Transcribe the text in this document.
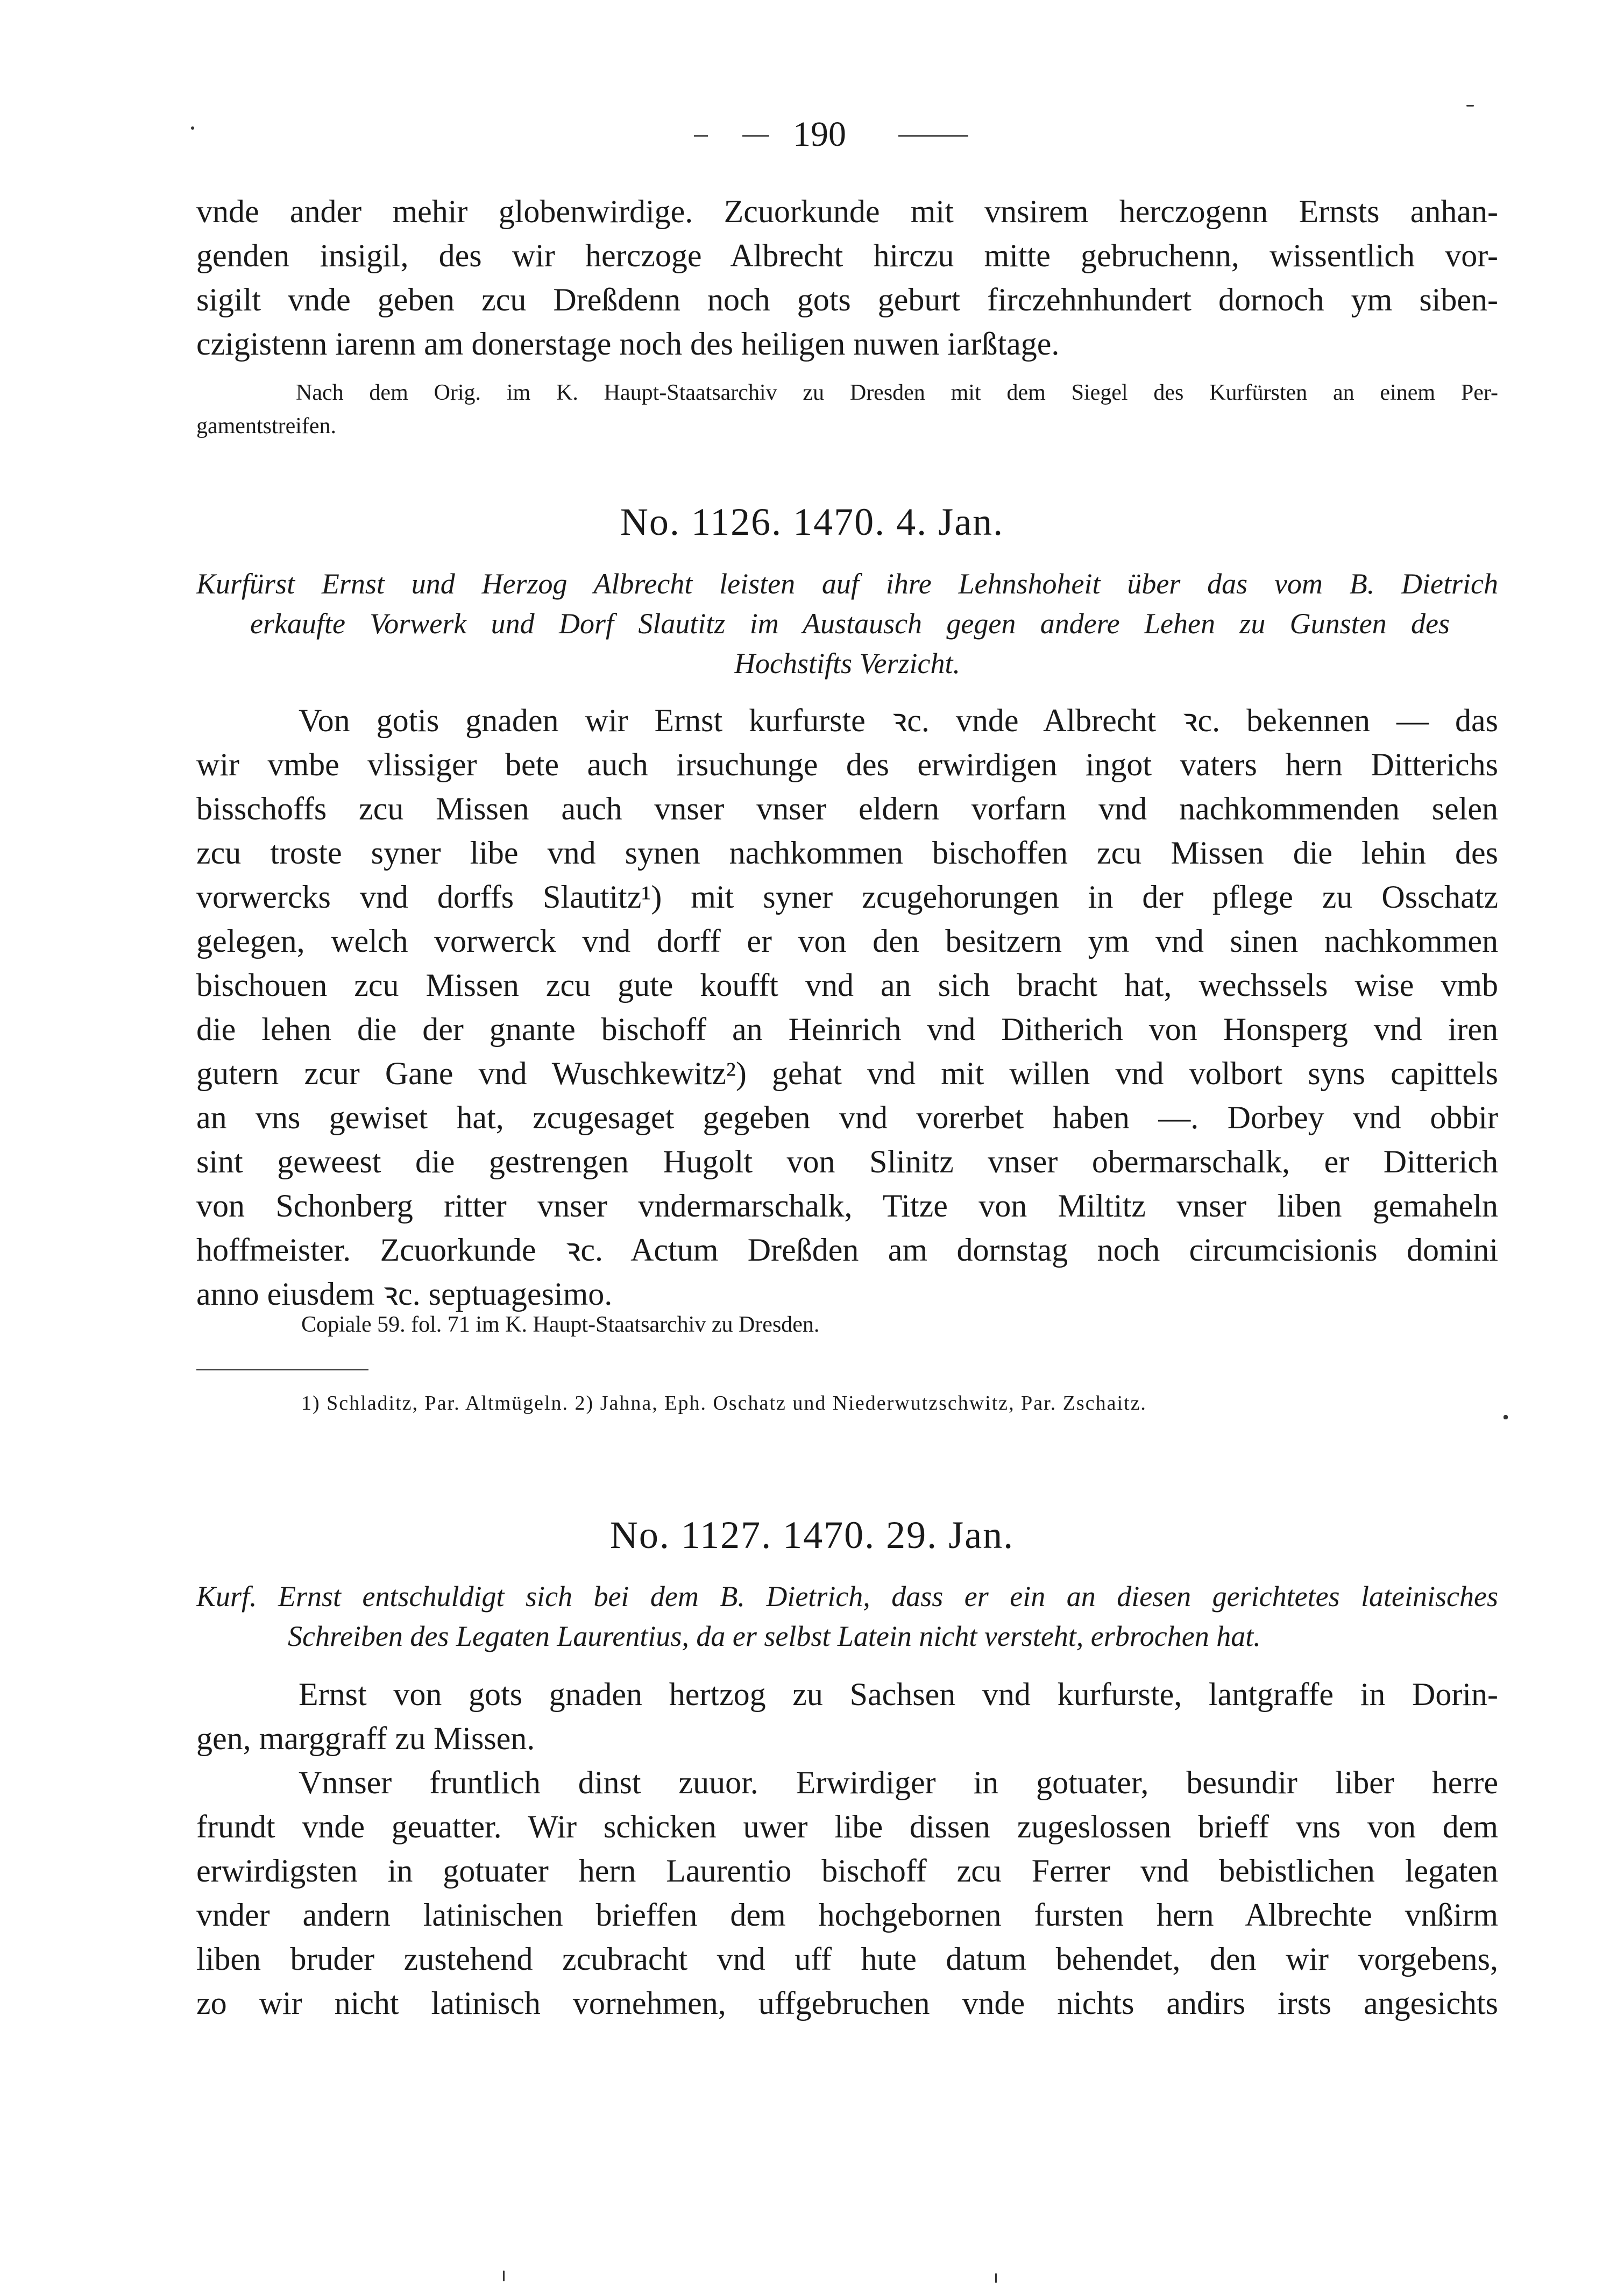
190

vnde ander mehir globenwirdige. Zcuorkunde mit vnsirem herczogenn Ernsts anhan-
genden insigil, des wir herczoge Albrecht hirczu mitte gebruchenn, wissentlich vor-
sigilt vnde geben zcu Dreßdenn noch gots geburt firczehnhundert dornoch ym siben-
czigistenn iarenn am donerstage noch des heiligen nuwen iarßtage.

Nach dem Orig. im K. Haupt-Staatsarchiv zu Dresden mit dem Siegel des Kurfürsten an einem Per-

gamentstreifen.

No. 1126. 1470. 4. Jan.

Kurfürst Ernst und Herzog Albrecht leisten auf ihre Lehnshoheit über das vom B. Dietrich
erkaufte Vorwerk und Dorf Slautitz im Austausch gegen andere Lehen zu Gunsten des
Hochstifts Verzicht.

Von gotis gnaden wir Ernst kurfurste ꝛc. vnde Albrecht ꝛc. bekennen — das
wir vmbe vlissiger bete auch irsuchunge des erwirdigen ingot vaters hern Ditterichs
bisschoffs zcu Missen auch vnser vnser eldern vorfarn vnd nachkommenden selen
zcu troste syner libe vnd synen nachkommen bischoffen zcu Missen die lehin des
vorwercks vnd dorffs Slautitz¹) mit syner zcugehorungen in der pflege zu Osschatz
gelegen, welch vorwerck vnd dorff er von den besitzern ym vnd sinen nachkommen
bischouen zcu Missen zcu gute koufft vnd an sich bracht hat, wechssels wise vmb
die lehen die der gnante bischoff an Heinrich vnd Ditherich von Honsperg vnd iren
gutern zcur Gane vnd Wuschkewitz²) gehat vnd mit willen vnd volbort syns capittels
an vns gewiset hat, zcugesaget gegeben vnd vorerbet haben —. Dorbey vnd obbir
sint geweest die gestrengen Hugolt von Slinitz vnser obermarschalk, er Ditterich
von Schonberg ritter vnser vndermarschalk, Titze von Miltitz vnser liben gemaheln
hoffmeister. Zcuorkunde ꝛc. Actum Dreßden am dornstag noch circumcisionis domini
anno eiusdem ꝛc. septuagesimo.

Copiale 59. fol. 71 im K. Haupt-Staatsarchiv zu Dresden.

1) Schladitz, Par. Altmügeln. 2) Jahna, Eph. Oschatz und Niederwutzschwitz, Par. Zschaitz.
No. 1127. 1470. 29. Jan.

Kurf. Ernst entschuldigt sich bei dem B. Dietrich, dass er ein an diesen gerichtetes lateinisches
Schreiben des Legaten Laurentius, da er selbst Latein nicht versteht, erbrochen hat.

Ernst von gots gnaden hertzog zu Sachsen vnd kurfurste, lantgraffe in Dorin-
gen, marggraff zu Missen.

Vnnser fruntlich dinst zuuor. Erwirdiger in gotuater, besundir liber herre
frundt vnde geuatter. Wir schicken uwer libe dissen zugeslossen brieff vns von dem
erwirdigsten in gotuater hern Laurentio bischoff zcu Ferrer vnd bebistlichen legaten
vnder andern latinischen brieffen dem hochgebornen fursten hern Albrechte vnßirm
liben bruder zustehend zcubracht vnd uff hute datum behendet, den wir vorgebens,
zo wir nicht latinisch vornehmen, uffgebruchen vnde nichts andirs irsts angesichts
